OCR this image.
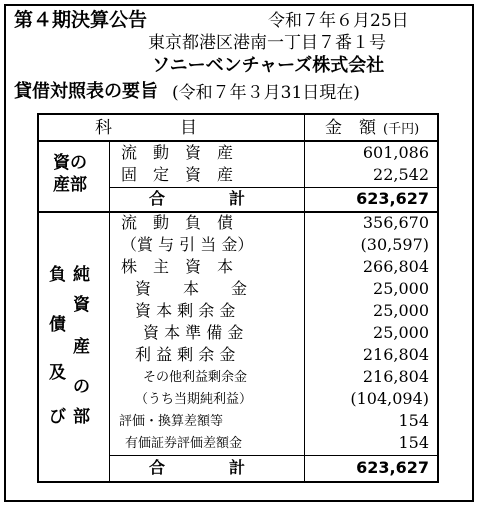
第４期決算公告	令和７年６月25日
東京都港区港南一丁目７番１号
ソニーベンチャーズ株式会社
貸借対照表の要旨 (令和７年３月31日現在)
科　　　　目	金　額 (千円)
資の
産部
流　動　資　産	601,086
固　定　資　産	22,542
合　　　　計	623,627
負
債
及
び
純
資
産
の
部
流　動　負　債	356,670
（賞 与 引 当 金）	(30,597)
株　主　資　本	266,804
資　　本　　金	25,000
資 本 剰 余 金	25,000
資 本 準 備 金	25,000
利 益 剰 余 金	216,804
その他利益剰余金	216,804
（うち当期純利益）	(104,094)
評価・換算差額等	154
有価証券評価差額金	154
合　　　　計	623,627
